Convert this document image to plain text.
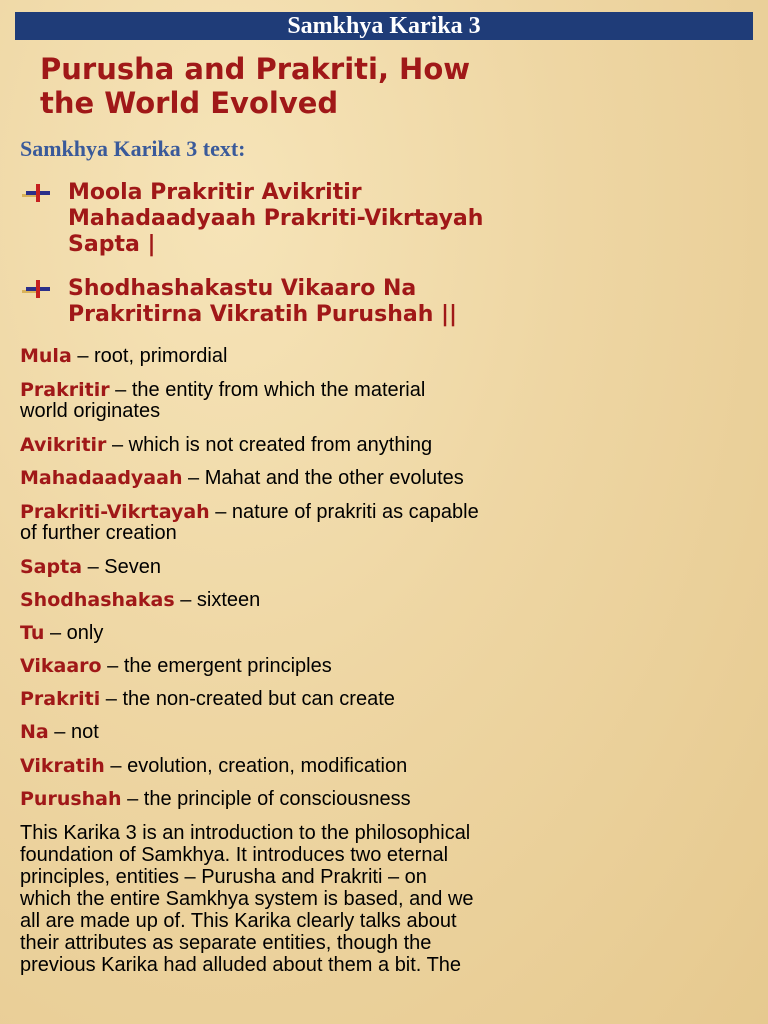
Samkhya Karika 3
Purusha and Prakriti, How
the World Evolved
Samkhya Karika 3 text:
Moola Prakritir Avikritir
Mahadaadyaah Prakriti-Vikrtayah
Sapta |
Shodhashakastu Vikaaro Na
Prakritirna Vikratih Purushah ||
Mula – root, primordial
Prakritir – the entity from which the material
world originates
Avikritir – which is not created from anything
Mahadaadyaah – Mahat and the other evolutes
Prakriti-Vikrtayah – nature of prakriti as capable
of further creation
Sapta – Seven
Shodhashakas – sixteen
Tu – only
Vikaaro – the emergent principles
Prakriti – the non-created but can create
Na – not
Vikratih – evolution, creation, modification
Purushah – the principle of consciousness
This Karika 3 is an introduction to the philosophical
foundation of Samkhya. It introduces two eternal
principles, entities – Purusha and Prakriti – on
which the entire Samkhya system is based, and we
all are made up of. This Karika clearly talks about
their attributes as separate entities, though the
previous Karika had alluded about them a bit. The
